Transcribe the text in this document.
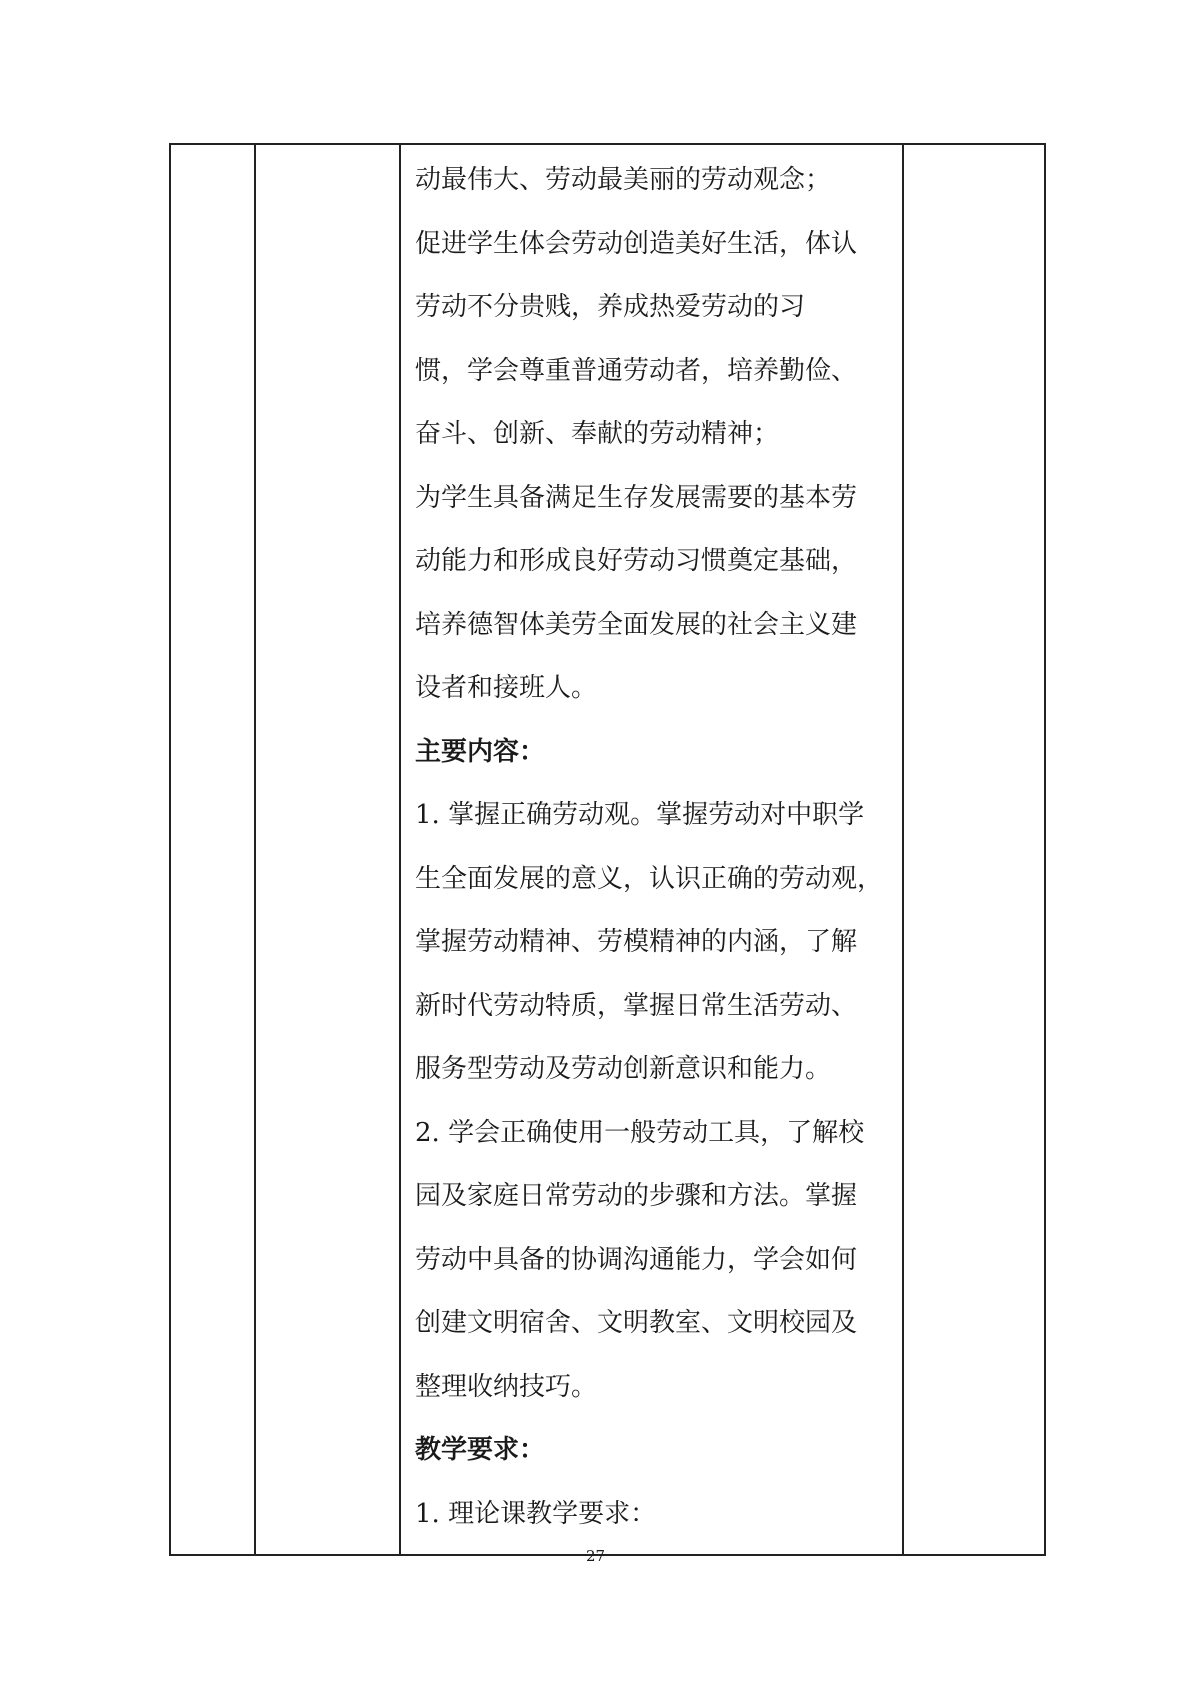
动最伟大、劳动最美丽的劳动观念；
促进学生体会劳动创造美好生活，体认
劳动不分贵贱，养成热爱劳动的习
惯，学会尊重普通劳动者，培养勤俭、
奋斗、创新、奉献的劳动精神；
为学生具备满足生存发展需要的基本劳
动能力和形成良好劳动习惯奠定基础，
培养德智体美劳全面发展的社会主义建
设者和接班人。
主要内容：
1. 掌握正确劳动观。掌握劳动对中职学
生全面发展的意义，认识正确的劳动观，
掌握劳动精神、劳模精神的内涵，了解
新时代劳动特质，掌握日常生活劳动、
服务型劳动及劳动创新意识和能力。
2. 学会正确使用一般劳动工具，了解校
园及家庭日常劳动的步骤和方法。掌握
劳动中具备的协调沟通能力，学会如何
创建文明宿舍、文明教室、文明校园及
整理收纳技巧。
教学要求：
1. 理论课教学要求：

27
